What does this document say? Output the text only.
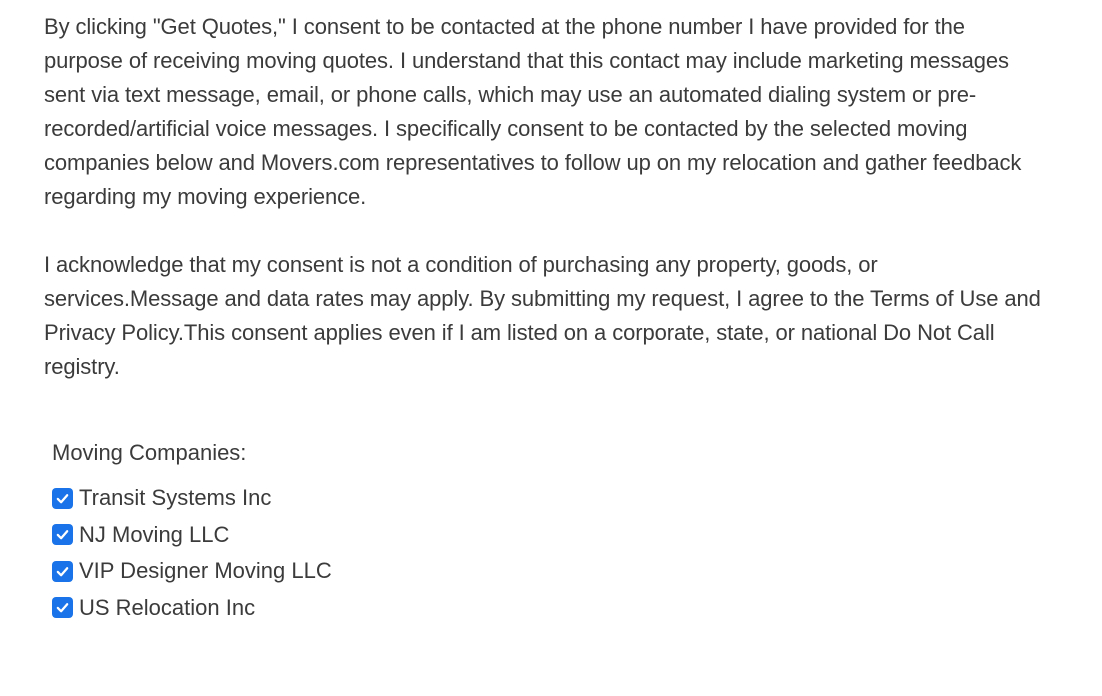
By clicking "Get Quotes," I consent to be contacted at the phone number I have provided for the purpose of receiving moving quotes. I understand that this contact may include marketing messages sent via text message, email, or phone calls, which may use an automated dialing system or pre-recorded/artificial voice messages. I specifically consent to be contacted by the selected moving companies below and Movers.com representatives to follow up on my relocation and gather feedback regarding my moving experience.

I acknowledge that my consent is not a condition of purchasing any property, goods, or services.Message and data rates may apply. By submitting my request, I agree to the Terms of Use and Privacy Policy.This consent applies even if I am listed on a corporate, state, or national Do Not Call registry.

Moving Companies:

Transit Systems Inc
NJ Moving LLC
VIP Designer Moving LLC
US Relocation Inc
